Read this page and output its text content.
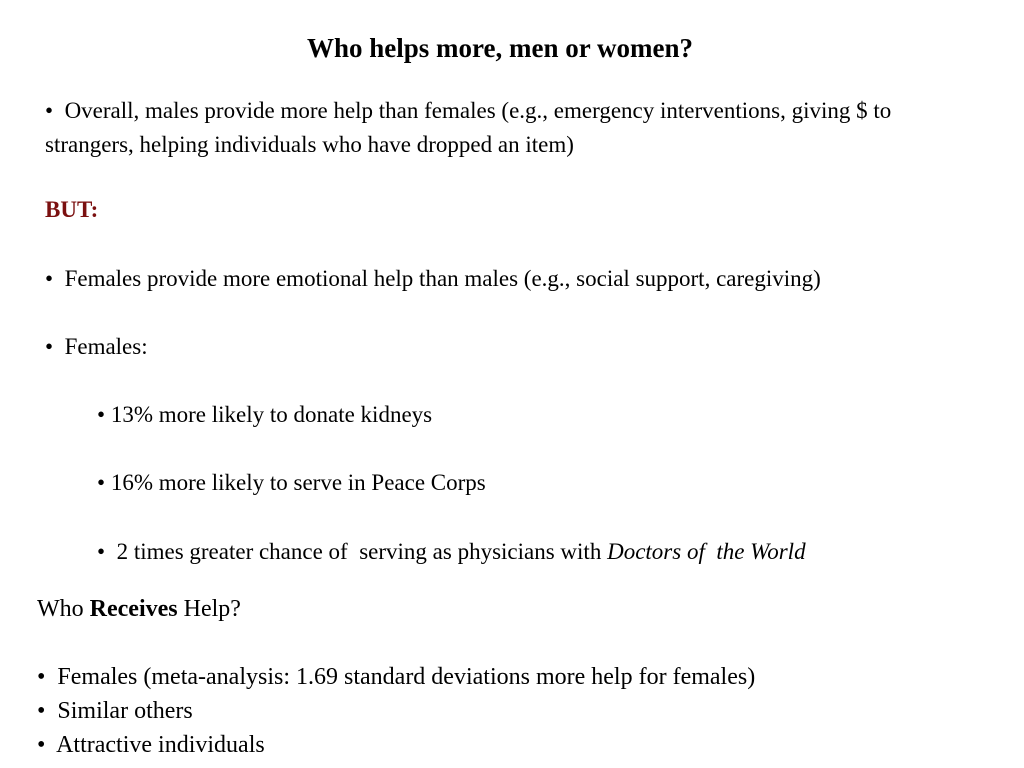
Who helps more, men or women?
• Overall, males provide more help than females (e.g., emergency interventions, giving $ to strangers, helping individuals who have dropped an item)
BUT:
• Females provide more emotional help than males (e.g., social support, caregiving)
• Females:
• 13% more likely to donate kidneys
• 16% more likely to serve in Peace Corps
• 2 times greater chance of  serving as physicians with Doctors of  the World
Who Receives Help?
• Females (meta-analysis: 1.69 standard deviations more help for females)
• Similar others
• Attractive individuals
